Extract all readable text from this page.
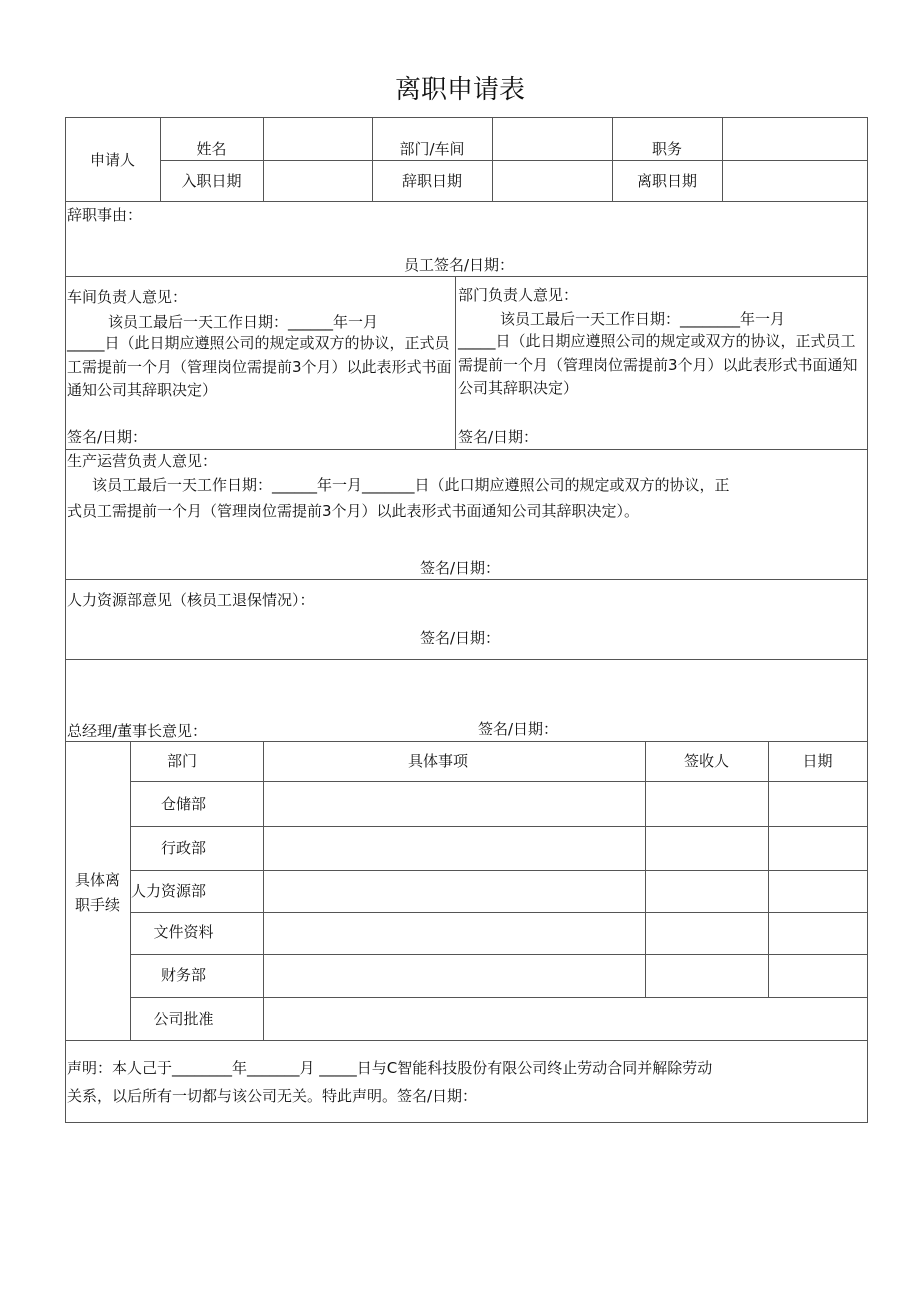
离职申请表
申请人
姓名	部门/车间	职务
入职日期	辞职日期	离职日期
辞职事由：
员工签名/日期：
车间负责人意见：
该员工最后一天工作日期：______年一月
_____日（此日期应遵照公司的规定或双方的协议，正式员工需提前一个月（管理岗位需提前3个月）以此表形式书面通知公司其辞职决定）
签名/日期：
部门负责人意见：
该员工最后一天工作日期：________年一月
_____日（此日期应遵照公司的规定或双方的协议，正式员工需提前一个月（管理岗位需提前3个月）以此表形式书面通知公司其辞职决定）
签名/日期：
生产运营负责人意见：
该员工最后一天工作日期：______年一月_______日（此口期应遵照公司的规定或双方的协议，正
式员工需提前一个月（管理岗位需提前3个月）以此表形式书面通知公司其辞职决定）。
签名/日期：
人力资源部意见（核员工退保情况）：
签名/日期：
总经理/董事长意见：	签名/日期：
具体离
职手续
部门	具体事项	签收人	日期
仓储部
行政部
人力资源部
文件资料
财务部
公司批准
声明：本人己于________年_______月 _____日与C智能科技股份有限公司终止劳动合同并解除劳动
关系，以后所有一切都与该公司无关。特此声明。签名/日期：
